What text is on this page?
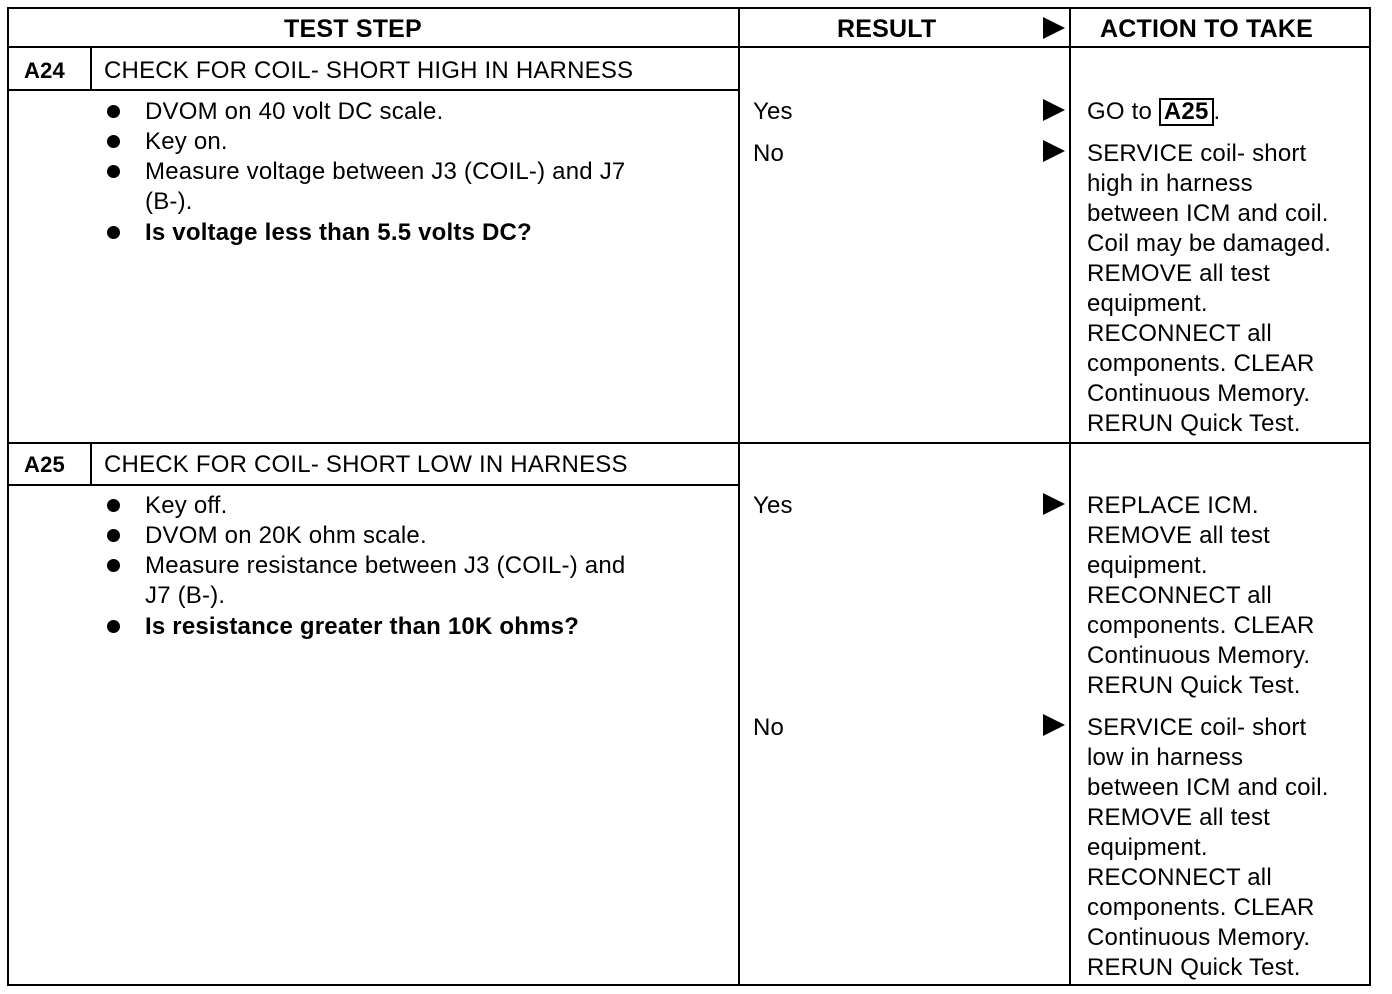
TEST STEP	RESULT	ACTION TO TAKE
A24 CHECK FOR COIL- SHORT HIGH IN HARNESS
DVOM on 40 volt DC scale.
Key on.
Measure voltage between J3 (COIL-) and J7
(B-).
Is voltage less than 5.5 volts DC?
Yes	GO to A25 .
No	SERVICE coil- short
high in harness
between ICM and coil.
Coil may be damaged.
REMOVE all test
equipment.
RECONNECT all
components. CLEAR
Continuous Memory.
RERUN Quick Test.
A25 CHECK FOR COIL- SHORT LOW IN HARNESS
Key off.
DVOM on 20K ohm scale.
Measure resistance between J3 (COIL-) and
J7 (B-).
Is resistance greater than 10K ohms?
Yes	REPLACE ICM.
REMOVE all test
equipment.
RECONNECT all
components. CLEAR
Continuous Memory.
RERUN Quick Test.
No	SERVICE coil- short
low in harness
between ICM and coil.
REMOVE all test
equipment.
RECONNECT all
components. CLEAR
Continuous Memory.
RERUN Quick Test.
